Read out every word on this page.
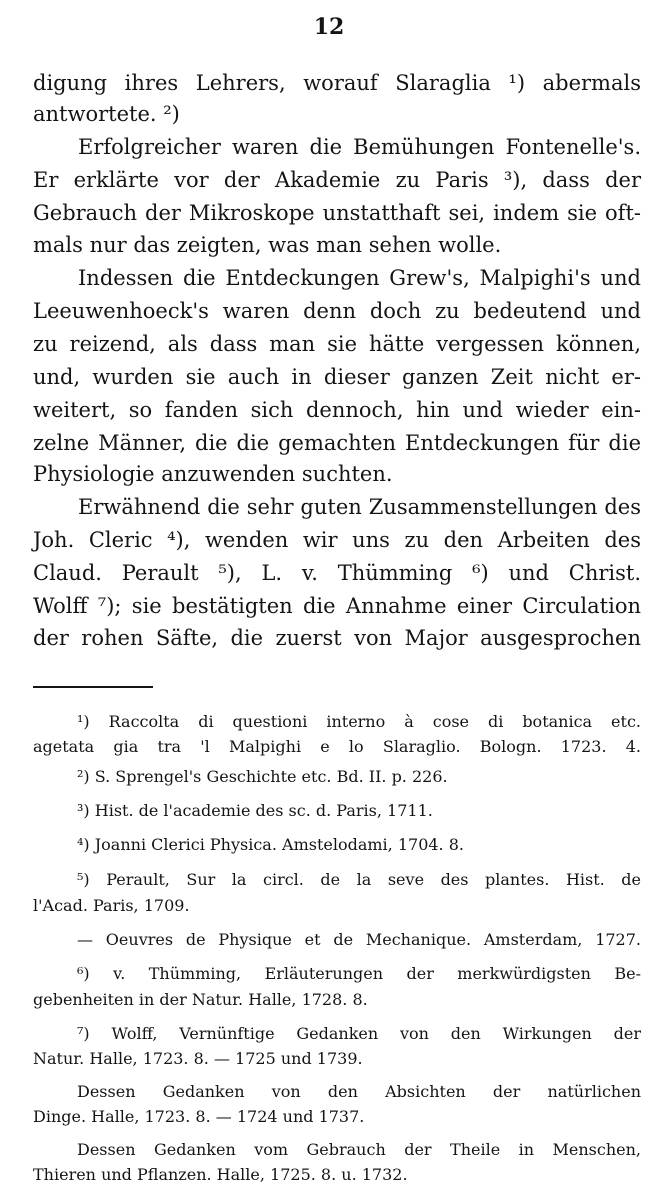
12
digung ihres Lehrers, worauf Slaraglia ¹) abermals
antwortete. ²)
Erfolgreicher waren die Bemühungen Fontenelle's.
Er erklärte vor der Akademie zu Paris ³), dass der
Gebrauch der Mikroskope unstatthaft sei, indem sie oft-
mals nur das zeigten, was man sehen wolle.
Indessen die Entdeckungen Grew's, Malpighi's und
Leeuwenhoeck's waren denn doch zu bedeutend und
zu reizend, als dass man sie hätte vergessen können,
und, wurden sie auch in dieser ganzen Zeit nicht er-
weitert, so fanden sich dennoch, hin und wieder ein-
zelne Männer, die die gemachten Entdeckungen für die
Physiologie anzuwenden suchten.
Erwähnend die sehr guten Zusammenstellungen des
Joh. Cleric ⁴), wenden wir uns zu den Arbeiten des
Claud. Perault ⁵), L. v. Thümming ⁶) und Christ.
Wolff ⁷); sie bestätigten die Annahme einer Circulation
der rohen Säfte, die zuerst von Major ausgesprochen
¹) Raccolta di questioni interno à cose di botanica etc.
agetata gia tra 'l Malpighi e lo Slaraglio. Bologn. 1723. 4.
²) S. Sprengel's Geschichte etc. Bd. II. p. 226.
³) Hist. de l'academie des sc. d. Paris, 1711.
⁴) Joanni Clerici Physica. Amstelodami, 1704. 8.
⁵) Perault, Sur la circl. de la seve des plantes. Hist. de
l'Acad. Paris, 1709.
— Oeuvres de Physique et de Mechanique. Amsterdam, 1727.
⁶) v. Thümming, Erläuterungen der merkwürdigsten Be-
gebenheiten in der Natur. Halle, 1728. 8.
⁷) Wolff, Vernünftige Gedanken von den Wirkungen der
Natur. Halle, 1723. 8. — 1725 und 1739.
Dessen Gedanken von den Absichten der natürlichen
Dinge. Halle, 1723. 8. — 1724 und 1737.
Dessen Gedanken vom Gebrauch der Theile in Menschen,
Thieren und Pflanzen. Halle, 1725. 8. u. 1732.
